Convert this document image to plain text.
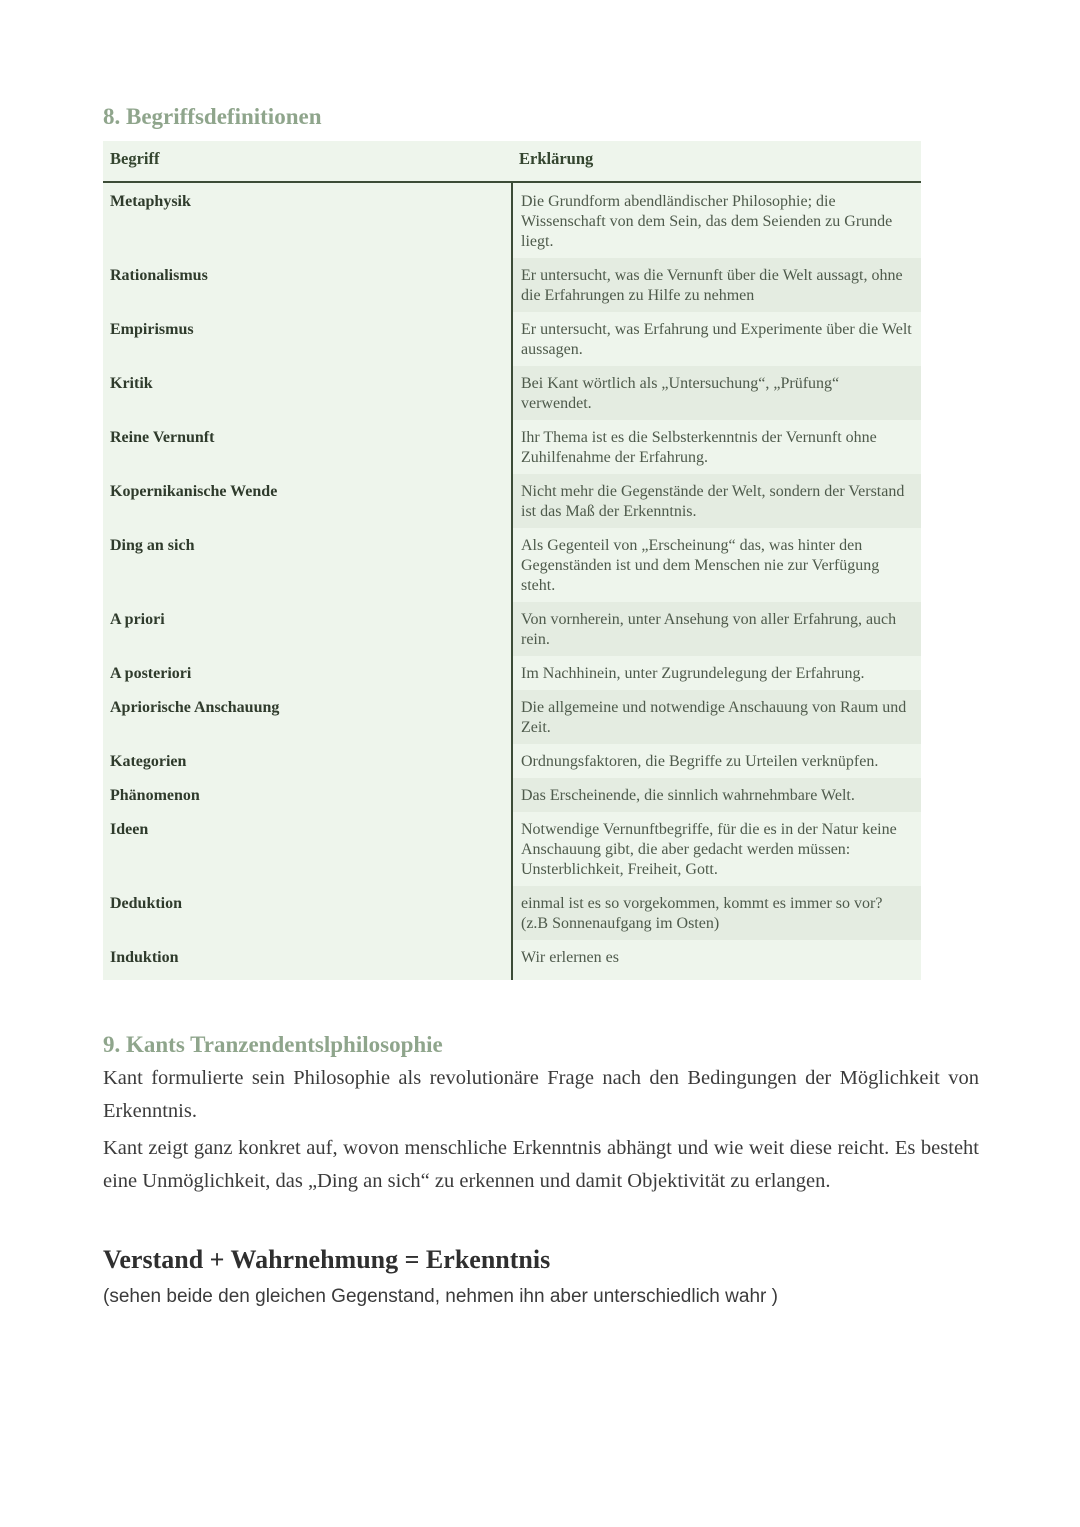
8. Begriffsdefinitionen
Begriff	Erklärung
Metaphysik	Die Grundform abendländischer Philosophie; die Wissenschaft von dem Sein, das dem Seienden zu Grunde liegt.
Rationalismus	Er untersucht, was die Vernunft über die Welt aussagt, ohne die Erfahrungen zu Hilfe zu nehmen
Empirismus	Er untersucht, was Erfahrung und Experimente über die Welt aussagen.
Kritik	Bei Kant wörtlich als „Untersuchung“, „Prüfung“ verwendet.
Reine Vernunft	Ihr Thema ist es die Selbsterkenntnis der Vernunft ohne Zuhilfenahme der Erfahrung.
Kopernikanische Wende	Nicht mehr die Gegenstände der Welt, sondern der Verstand ist das Maß der Erkenntnis.
Ding an sich	Als Gegenteil von „Erscheinung“ das, was hinter den Gegenständen ist und dem Menschen nie zur Verfügung steht.
A priori	Von vornherein, unter Ansehung von aller Erfahrung, auch rein.
A posteriori	Im Nachhinein, unter Zugrundelegung der Erfahrung.
Apriorische Anschauung	Die allgemeine und notwendige Anschauung von Raum und Zeit.
Kategorien	Ordnungsfaktoren, die Begriffe zu Urteilen verknüpfen.
Phänomenon	Das Erscheinende, die sinnlich wahrnehmbare Welt.
Ideen	Notwendige Vernunftbegriffe, für die es in der Natur keine Anschauung gibt, die aber gedacht werden müssen: Unsterblichkeit, Freiheit, Gott.
Deduktion	einmal ist es so vorgekommen, kommt es immer so vor? (z.B Sonnenaufgang im Osten)
Induktion	Wir erlernen es
9. Kants Tranzendentslphilosophie

Kant formulierte sein Philosophie als revolutionäre Frage nach den Bedingungen der Möglichkeit von Erkenntnis.

Kant zeigt ganz konkret auf, wovon menschliche Erkenntnis abhängt und wie weit diese reicht. Es besteht eine Unmöglichkeit, das „Ding an sich“ zu erkennen und damit Objektivität zu erlangen.

Verstand + Wahrnehmung = Erkenntnis

(sehen beide den gleichen Gegenstand, nehmen ihn aber unterschiedlich wahr )
